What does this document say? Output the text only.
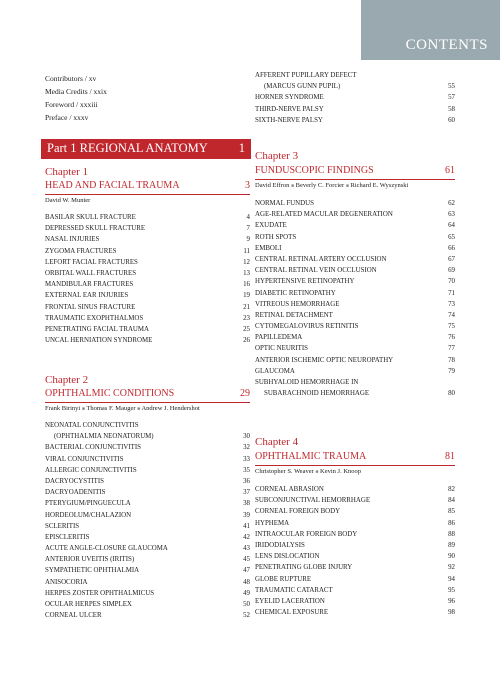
CONTENTS
Contributors / xv
Media Credits / xxix
Foreword / xxxiii
Preface / xxxv
Chapter 1
HEAD AND FACIAL TRAUMA	3
David W. Munter
BASILAR SKULL FRACTURE	4
DEPRESSED SKULL FRACTURE	7
NASAL INJURIES	9
ZYGOMA FRACTURES	11
LEFORT FACIAL FRACTURES	12
ORBITAL WALL FRACTURES	13
MANDIBULAR FRACTURES	16
EXTERNAL EAR INJURIES	19
FRONTAL SINUS FRACTURE	21
TRAUMATIC EXOPHTHALMOS	23
PENETRATING FACIAL TRAUMA	25
UNCAL HERNIATION SYNDROME	26
Chapter 2
OPHTHALMIC CONDITIONS	29
Frank Birinyi ■ Thomas F. Mauger ■ Andrew J. Hendershot
NEONATAL CONJUNCTIVITIS
(OPHTHALMIA NEONATORUM)	30
BACTERIAL CONJUNCTIVITIS	32
VIRAL CONJUNCTIVITIS	33
ALLERGIC CONJUNCTIVITIS	35
DACRYOCYSTITIS	36
DACRYOADENITIS	37
PTERYGIUM/PINGUECULA	38
HORDEOLUM/CHALAZION	39
SCLERITIS	41
EPISCLERITIS	42
ACUTE ANGLE-CLOSURE GLAUCOMA	43
ANTERIOR UVEITIS (IRITIS)	45
SYMPATHETIC OPHTHALMIA	47
ANISOCORIA	48
HERPES ZOSTER OPHTHALMICUS	49
OCULAR HERPES SIMPLEX	50
CORNEAL ULCER	52
Part 1 REGIONAL ANATOMY 1
AFFERENT PUPILLARY DEFECT
(MARCUS GUNN PUPIL)	55
HORNER SYNDROME	57
THIRD-NERVE PALSY	58
SIXTH-NERVE PALSY	60
Chapter 3
FUNDUSCOPIC FINDINGS	61
David Effron ■ Beverly C. Forcier ■ Richard E. Wyszynski
NORMAL FUNDUS	62
AGE-RELATED MACULAR DEGENERATION	63
EXUDATE	64
ROTH SPOTS	65
EMBOLI	66
CENTRAL RETINAL ARTERY OCCLUSION	67
CENTRAL RETINAL VEIN OCCLUSION	69
HYPERTENSIVE RETINOPATHY	70
DIABETIC RETINOPATHY	71
VITREOUS HEMORRHAGE	73
RETINAL DETACHMENT	74
CYTOMEGALOVIRUS RETINITIS	75
PAPILLEDEMA	76
OPTIC NEURITIS	77
ANTERIOR ISCHEMIC OPTIC NEUROPATHY	78
GLAUCOMA	79
SUBHYALOID HEMORRHAGE IN
SUBARACHNOID HEMORRHAGE	80
Chapter 4
OPHTHALMIC TRAUMA	81
Christopher S. Weaver ■ Kevin J. Knoop
CORNEAL ABRASION	82
SUBCONJUNCTIVAL HEMORRHAGE	84
CORNEAL FOREIGN BODY	85
HYPHEMA	86
INTRAOCULAR FOREIGN BODY	88
IRIDODIALYSIS	89
LENS DISLOCATION	90
PENETRATING GLOBE INJURY	92
GLOBE RUPTURE	94
TRAUMATIC CATARACT	95
EYELID LACERATION	96
CHEMICAL EXPOSURE	98
